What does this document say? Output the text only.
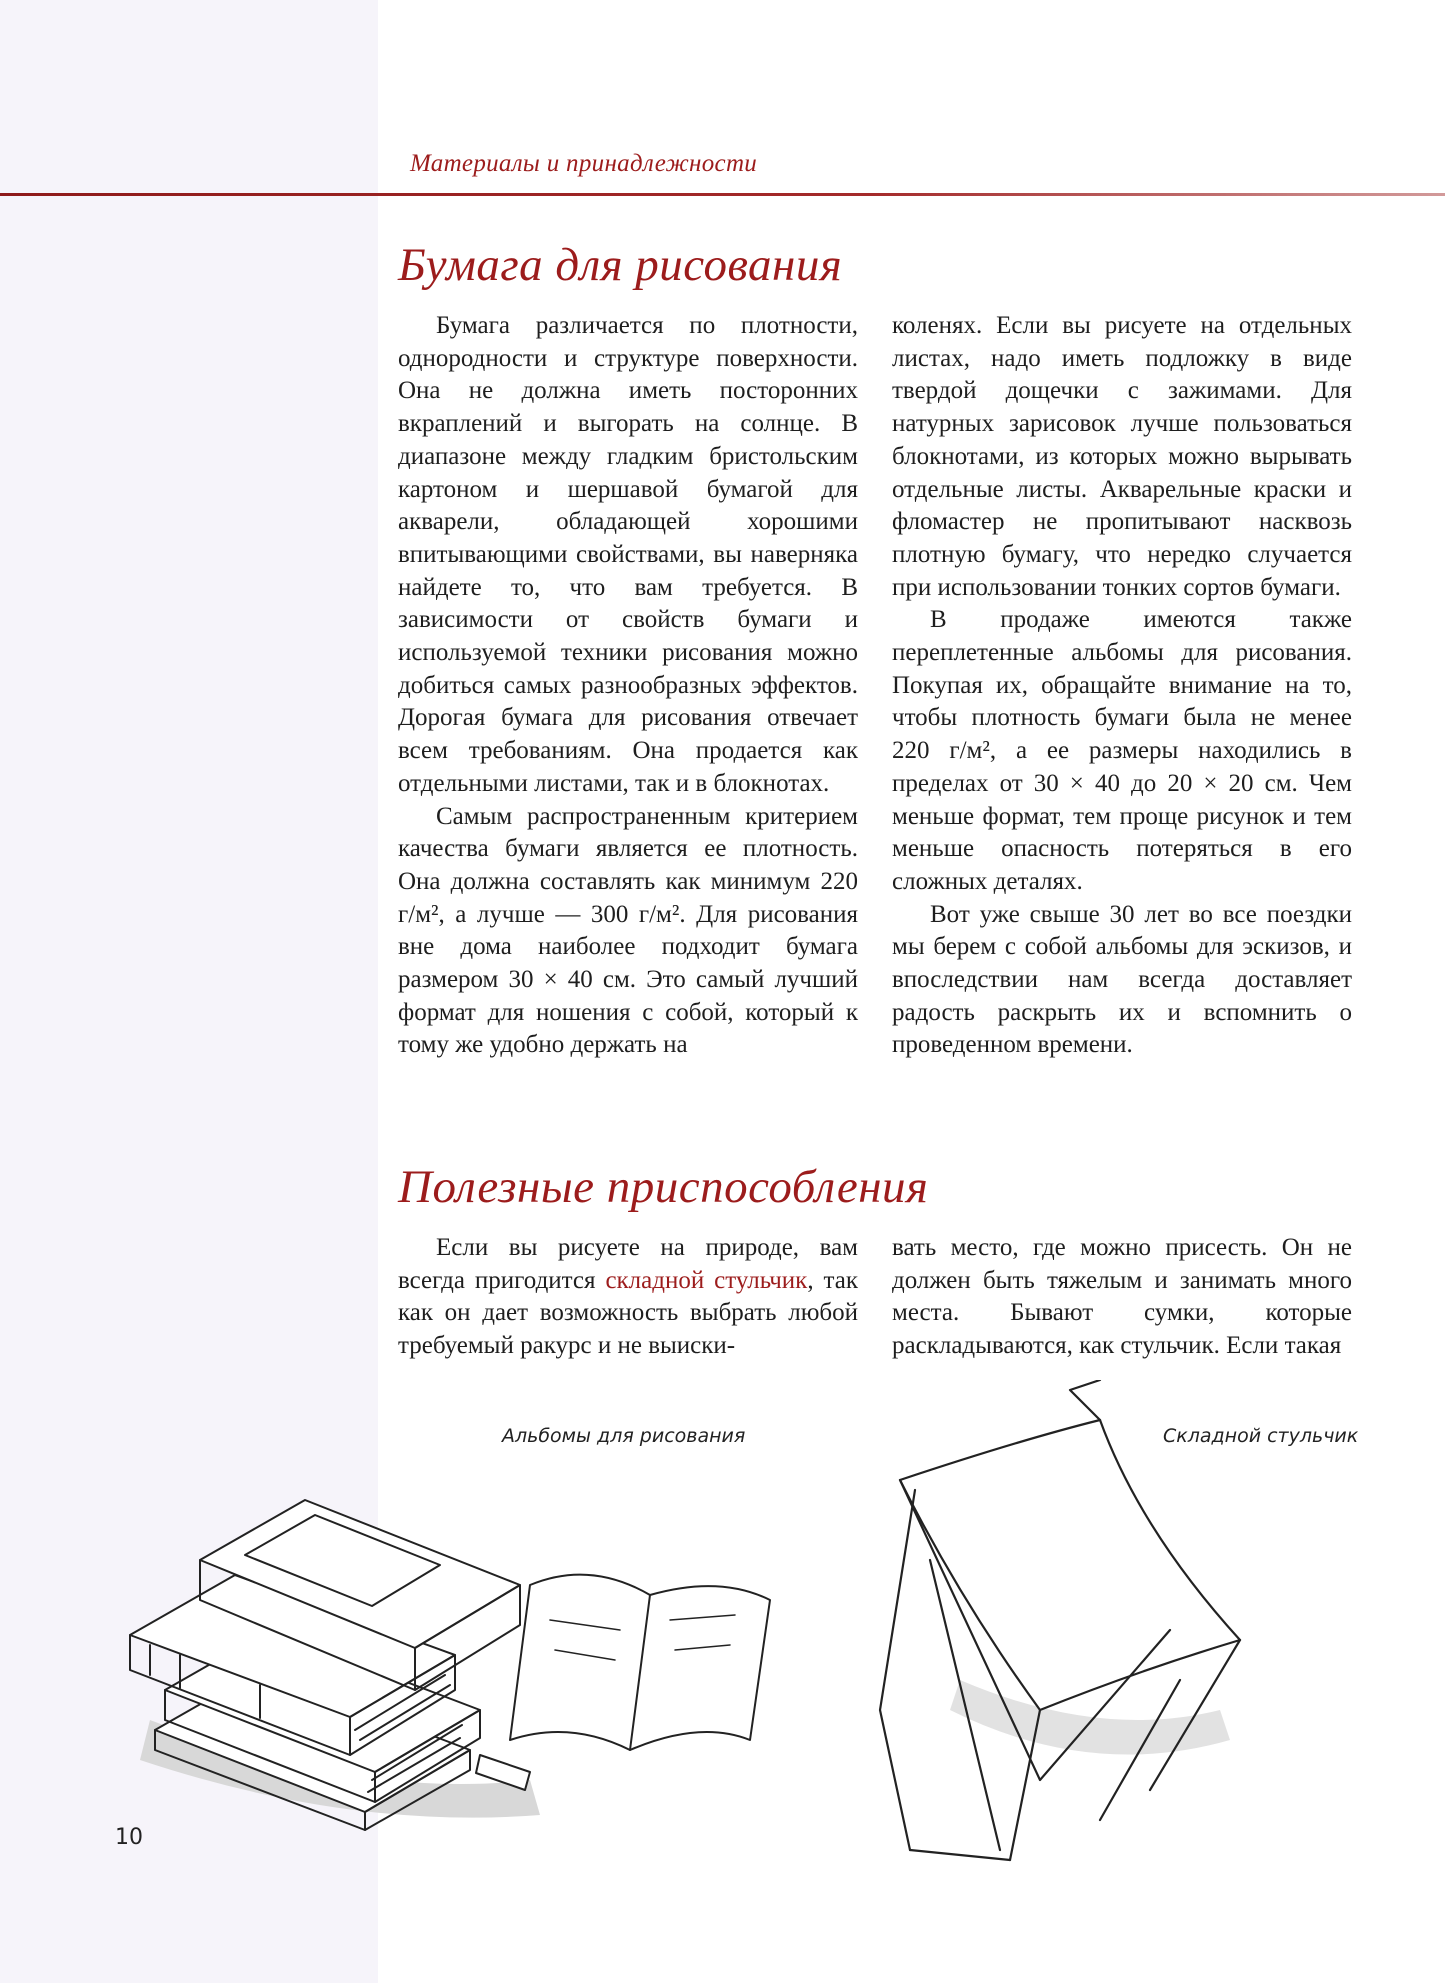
Материалы и принадлежности
Бумага для рисования

Бумага различается по плотности, однородности и структуре поверхности. Она не должна иметь посторонних вкраплений и выгорать на солнце. В диапазоне между гладким бристольским картоном и шершавой бумагой для акварели, обладающей хорошими впитывающими свойствами, вы наверняка найдете то, что вам требуется. В зависимости от свойств бумаги и используемой техники рисования можно добиться самых разнообразных эффектов. Дорогая бумага для рисования отвечает всем требованиям. Она продается как отдельными листами, так и в блокнотах.

Самым распространенным критерием качества бумаги является ее плотность. Она должна составлять как минимум 220 г/м², а лучше — 300 г/м². Для рисования вне дома наиболее подходит бумага размером 30 × 40 см. Это самый лучший формат для ношения с собой, который к тому же удобно держать на

коленях. Если вы рисуете на отдельных листах, надо иметь подложку в виде твердой дощечки с зажимами. Для натурных зарисовок лучше пользоваться блокнотами, из которых можно вырывать отдельные листы. Акварельные краски и фломастер не пропитывают насквозь плотную бумагу, что нередко случается при использовании тонких сортов бумаги.

В продаже имеются также переплетенные альбомы для рисования. Покупая их, обращайте внимание на то, чтобы плотность бумаги была не менее 220 г/м², а ее размеры находились в пределах от 30 × 40 до 20 × 20 см. Чем меньше формат, тем проще рисунок и тем меньше опасность потеряться в его сложных деталях.

Вот уже свыше 30 лет во все поездки мы берем с собой альбомы для эскизов, и впоследствии нам всегда доставляет радость раскрыть их и вспомнить о проведенном времени.

Полезные приспособления

Если вы рисуете на природе, вам всегда пригодится складной стульчик, так как он дает возможность выбрать любой требуемый ракурс и не выиски-

вать место, где можно присесть. Он не должен быть тяжелым и занимать много места. Бывают сумки, которые раскладываются, как стульчик. Если такая

Альбомы для рисования	Складной стульчик
10
